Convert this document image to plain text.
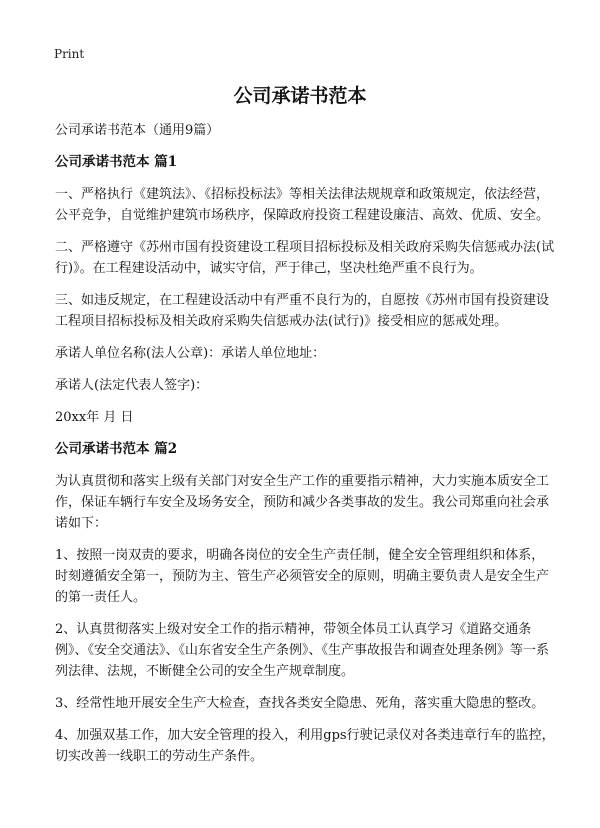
Print
公司承诺书范本

公司承诺书范本（通用9篇）

公司承诺书范本 篇1

一、严格执行《建筑法》、《招标投标法》等相关法律法规规章和政策规定，依法经营，公平竞争，自觉维护建筑市场秩序，保障政府投资工程建设廉洁、高效、优质、安全。

二、严格遵守《苏州市国有投资建设工程项目招标投标及相关政府采购失信惩戒办法(试行)》。在工程建设活动中，诚实守信，严于律己，坚决杜绝严重不良行为。

三、如违反规定，在工程建设活动中有严重不良行为的，自愿按《苏州市国有投资建设工程项目招标投标及相关政府采购失信惩戒办法(试行)》接受相应的惩戒处理。

承诺人单位名称(法人公章)：承诺人单位地址：

承诺人(法定代表人签字)：

20xx年 月 日

公司承诺书范本 篇2

为认真贯彻和落实上级有关部门对安全生产工作的重要指示精神，大力实施本质安全工作，保证车辆行车安全及场务安全，预防和减少各类事故的发生。我公司郑重向社会承诺如下：

1、按照一岗双责的要求，明确各岗位的安全生产责任制，健全安全管理组织和体系，时刻遵循安全第一，预防为主、管生产必须管安全的原则，明确主要负责人是安全生产的第一责任人。

2、认真贯彻落实上级对安全工作的指示精神，带领全体员工认真学习《道路交通条例》、《安全交通法》、《山东省安全生产条例》、《生产事故报告和调查处理条例》等一系列法律、法规，不断健全公司的安全生产规章制度。

3、经常性地开展安全生产大检查，查找各类安全隐患、死角，落实重大隐患的整改。

4、加强双基工作，加大安全管理的投入，利用gps行驶记录仪对各类违章行车的监控，切实改善一线职工的劳动生产条件。
